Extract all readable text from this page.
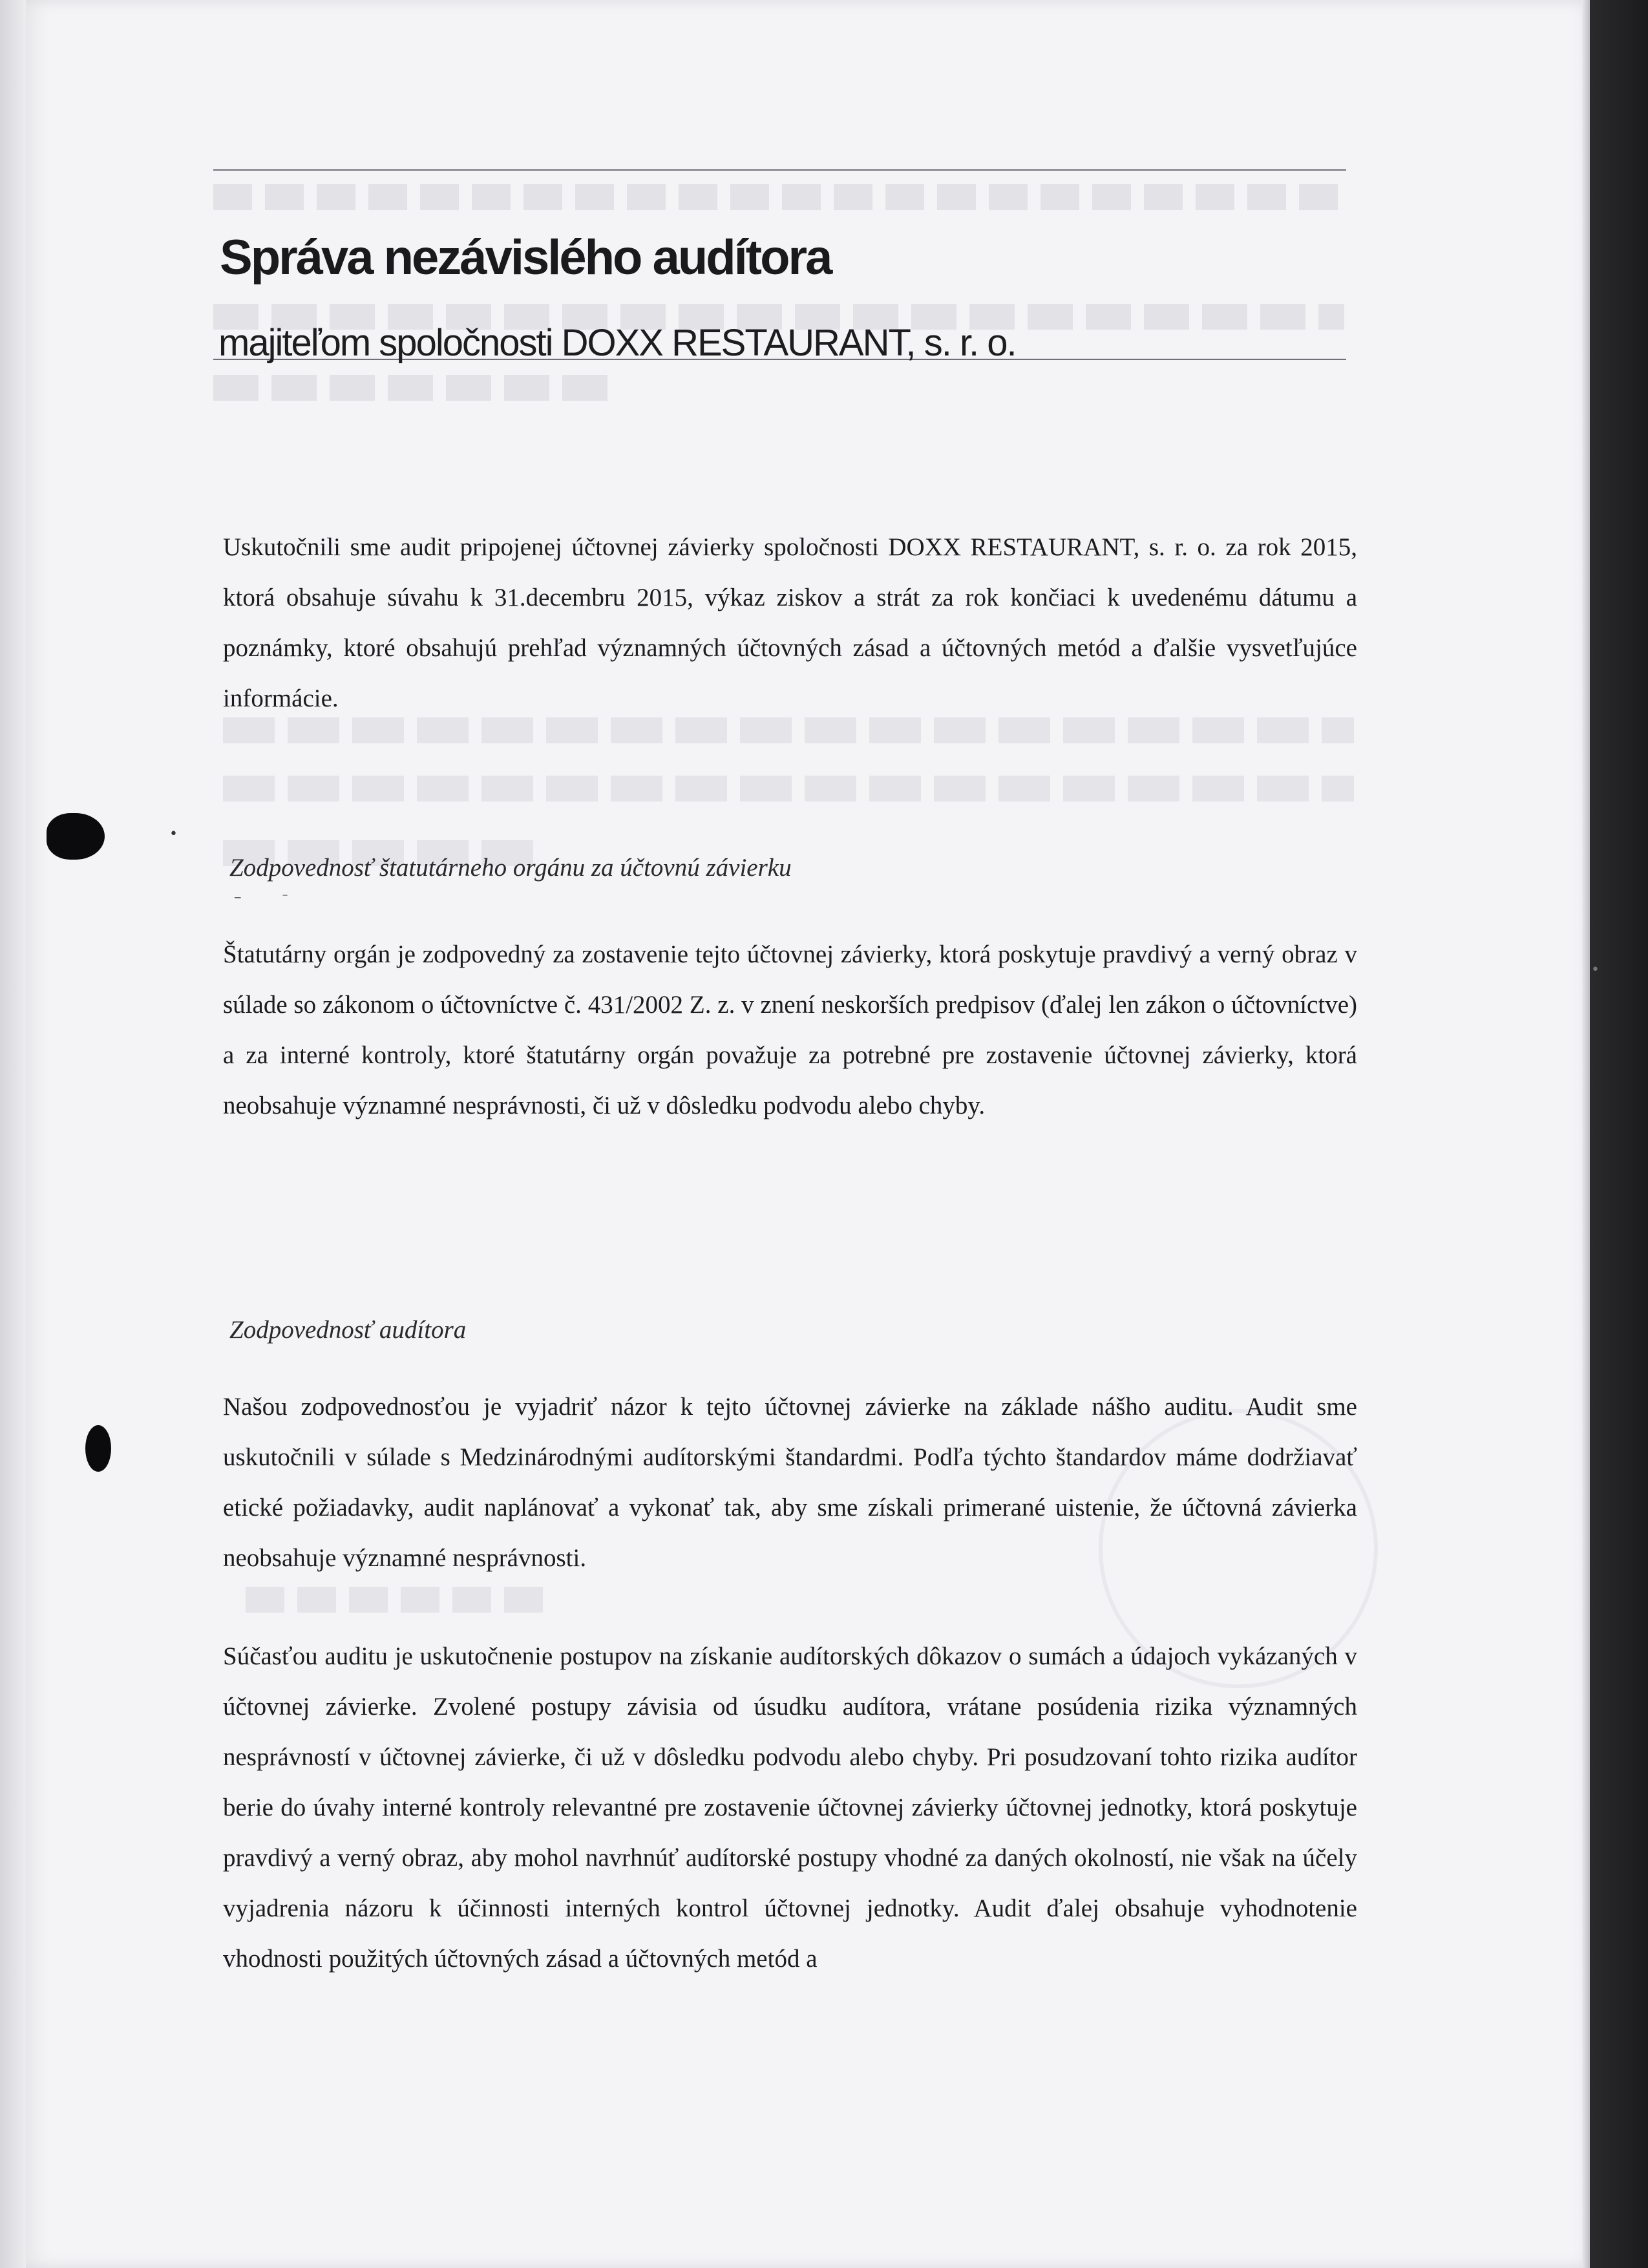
•
•
Správa nezávislého audítora
majiteľom spoločnosti DOXX RESTAURANT, s. r. o.
Uskutočnili sme audit pripojenej účtovnej závierky spoločnosti DOXX RESTAURANT, s. r. o. za rok 2015, ktorá obsahuje súvahu k 31.decembru 2015, výkaz ziskov a strát za rok končiaci k uvedenému dátumu a poznámky, ktoré obsahujú prehľad významných účtovných zásad a účtovných metód a ďalšie vysvetľujúce informácie.
Zodpovednosť štatutárneho orgánu za účtovnú závierku
‒           ⁻
Štatutárny orgán je zodpovedný za zostavenie tejto účtovnej závierky, ktorá poskytuje pravdivý a verný obraz v súlade so zákonom o účtovníctve č. 431/2002 Z. z. v znení neskorších predpisov (ďalej len zákon o účtovníctve) a za interné kontroly, ktoré štatutárny orgán považuje za potrebné pre zostavenie účtovnej závierky, ktorá neobsahuje významné nesprávnosti, či už v dôsledku podvodu alebo chyby.
Zodpovednosť audítora
Našou zodpovednosťou je vyjadriť názor k tejto účtovnej závierke na základe nášho auditu. Audit sme uskutočnili v súlade s Medzinárodnými audítorskými štandardmi. Podľa týchto štandardov máme dodržiavať etické požiadavky, audit naplánovať a vykonať tak, aby sme získali primerané uistenie, že účtovná závierka neobsahuje významné nesprávnosti.
Súčasťou auditu je uskutočnenie postupov na získanie audítorských dôkazov o sumách a údajoch vykázaných v účtovnej závierke. Zvolené postupy závisia od úsudku audítora, vrátane posúdenia rizika významných nesprávností v účtovnej závierke, či už v dôsledku podvodu alebo chyby. Pri posudzovaní tohto rizika audítor berie do úvahy interné kontroly relevantné pre zostavenie účtovnej závierky účtovnej jednotky, ktorá poskytuje pravdivý a verný obraz, aby mohol navrhnúť audítorské postupy vhodné za daných okolností, nie však na účely vyjadrenia názoru k účinnosti interných kontrol účtovnej jednotky. Audit ďalej obsahuje vyhodnotenie vhodnosti použitých účtovných zásad a účtovných metód a
